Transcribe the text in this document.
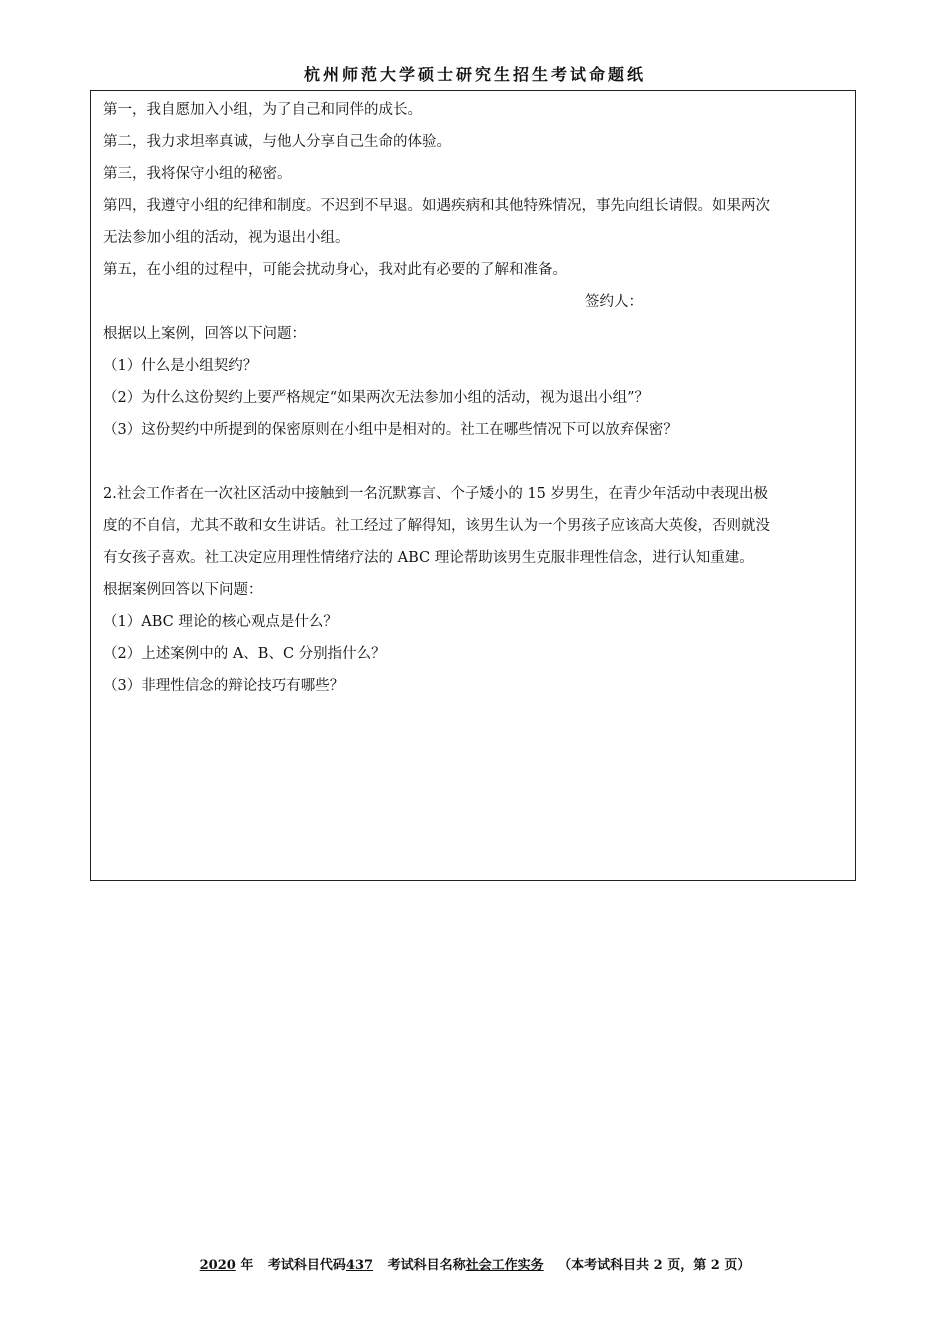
杭州师范大学硕士研究生招生考试命题纸
第一，我自愿加入小组，为了自己和同伴的成长。
第二，我力求坦率真诚，与他人分享自己生命的体验。
第三，我将保守小组的秘密。
第四，我遵守小组的纪律和制度。不迟到不早退。如遇疾病和其他特殊情况，事先向组长请假。如果两次
无法参加小组的活动，视为退出小组。
第五，在小组的过程中，可能会扰动身心，我对此有必要的了解和准备。
签约人：
根据以上案例，回答以下问题：
（1）什么是小组契约？
（2）为什么这份契约上要严格规定“如果两次无法参加小组的活动，视为退出小组”？
（3）这份契约中所提到的保密原则在小组中是相对的。社工在哪些情况下可以放弃保密？
2.社会工作者在一次社区活动中接触到一名沉默寡言、个子矮小的 15 岁男生，在青少年活动中表现出极
度的不自信，尤其不敢和女生讲话。社工经过了解得知，该男生认为一个男孩子应该高大英俊，否则就没
有女孩子喜欢。社工决定应用理性情绪疗法的 ABC 理论帮助该男生克服非理性信念，进行认知重建。
根据案例回答以下问题：
（1）ABC 理论的核心观点是什么？
（2）上述案例中的 A、B、C 分别指什么？
（3）非理性信念的辩论技巧有哪些？
2020 年 考试科目代码437 考试科目名称社会工作实务 （本考试科目共 2 页，第 2 页）
